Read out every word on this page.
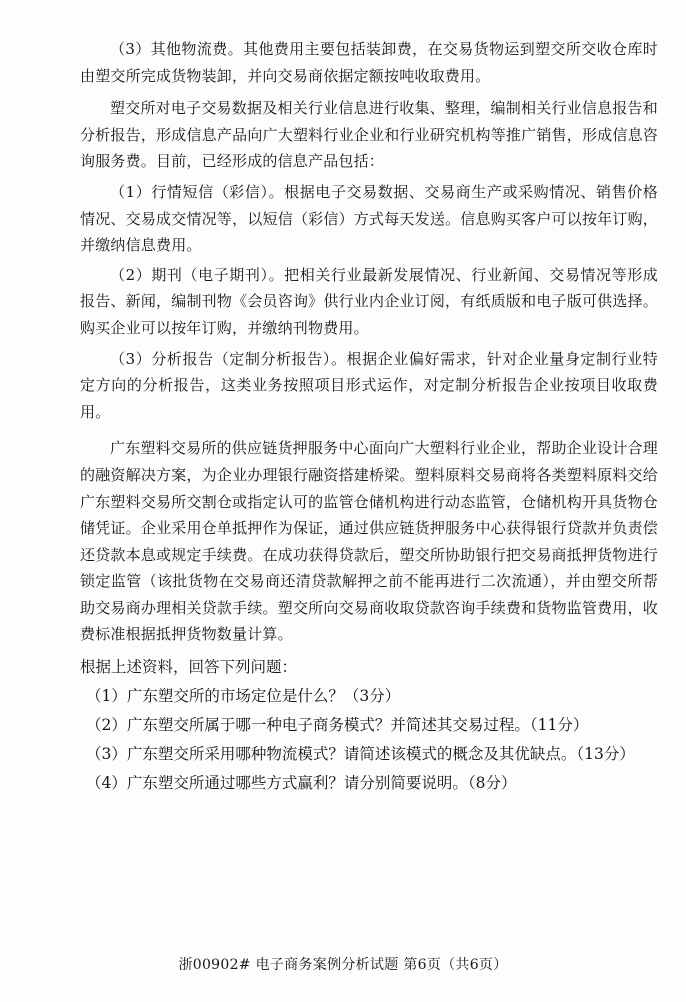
（3）其他物流费。其他费用主要包括装卸费，在交易货物运到塑交所交收仓库时由塑交所完成货物装卸，并向交易商依据定额按吨收取费用。

塑交所对电子交易数据及相关行业信息进行收集、整理，编制相关行业信息报告和分析报告，形成信息产品向广大塑料行业企业和行业研究机构等推广销售，形成信息咨询服务费。目前，已经形成的信息产品包括：

（1）行情短信（彩信）。根据电子交易数据、交易商生产或采购情况、销售价格情况、交易成交情况等，以短信（彩信）方式每天发送。信息购买客户可以按年订购，并缴纳信息费用。

（2）期刊（电子期刊）。把相关行业最新发展情况、行业新闻、交易情况等形成报告、新闻，编制刊物《会员咨询》供行业内企业订阅，有纸质版和电子版可供选择。购买企业可以按年订购，并缴纳刊物费用。

（3）分析报告（定制分析报告）。根据企业偏好需求，针对企业量身定制行业特定方向的分析报告，这类业务按照项目形式运作，对定制分析报告企业按项目收取费用。

广东塑料交易所的供应链货押服务中心面向广大塑料行业企业，帮助企业设计合理的融资解决方案，为企业办理银行融资搭建桥梁。塑料原料交易商将各类塑料原料交给广东塑料交易所交割仓或指定认可的监管仓储机构进行动态监管，仓储机构开具货物仓储凭证。企业采用仓单抵押作为保证，通过供应链货押服务中心获得银行贷款并负责偿还贷款本息或规定手续费。在成功获得贷款后，塑交所协助银行把交易商抵押货物进行锁定监管（该批货物在交易商还清贷款解押之前不能再进行二次流通），并由塑交所帮助交易商办理相关贷款手续。塑交所向交易商收取贷款咨询手续费和货物监管费用，收费标准根据抵押货物数量计算。

根据上述资料，回答下列问题：

（1）广东塑交所的市场定位是什么？（3分）
（2）广东塑交所属于哪一种电子商务模式？并简述其交易过程。（11分）
（3）广东塑交所采用哪种物流模式？请简述该模式的概念及其优缺点。（13分）
（4）广东塑交所通过哪些方式赢利？请分别简要说明。（8分）
浙00902# 电子商务案例分析试题 第6页（共6页）
